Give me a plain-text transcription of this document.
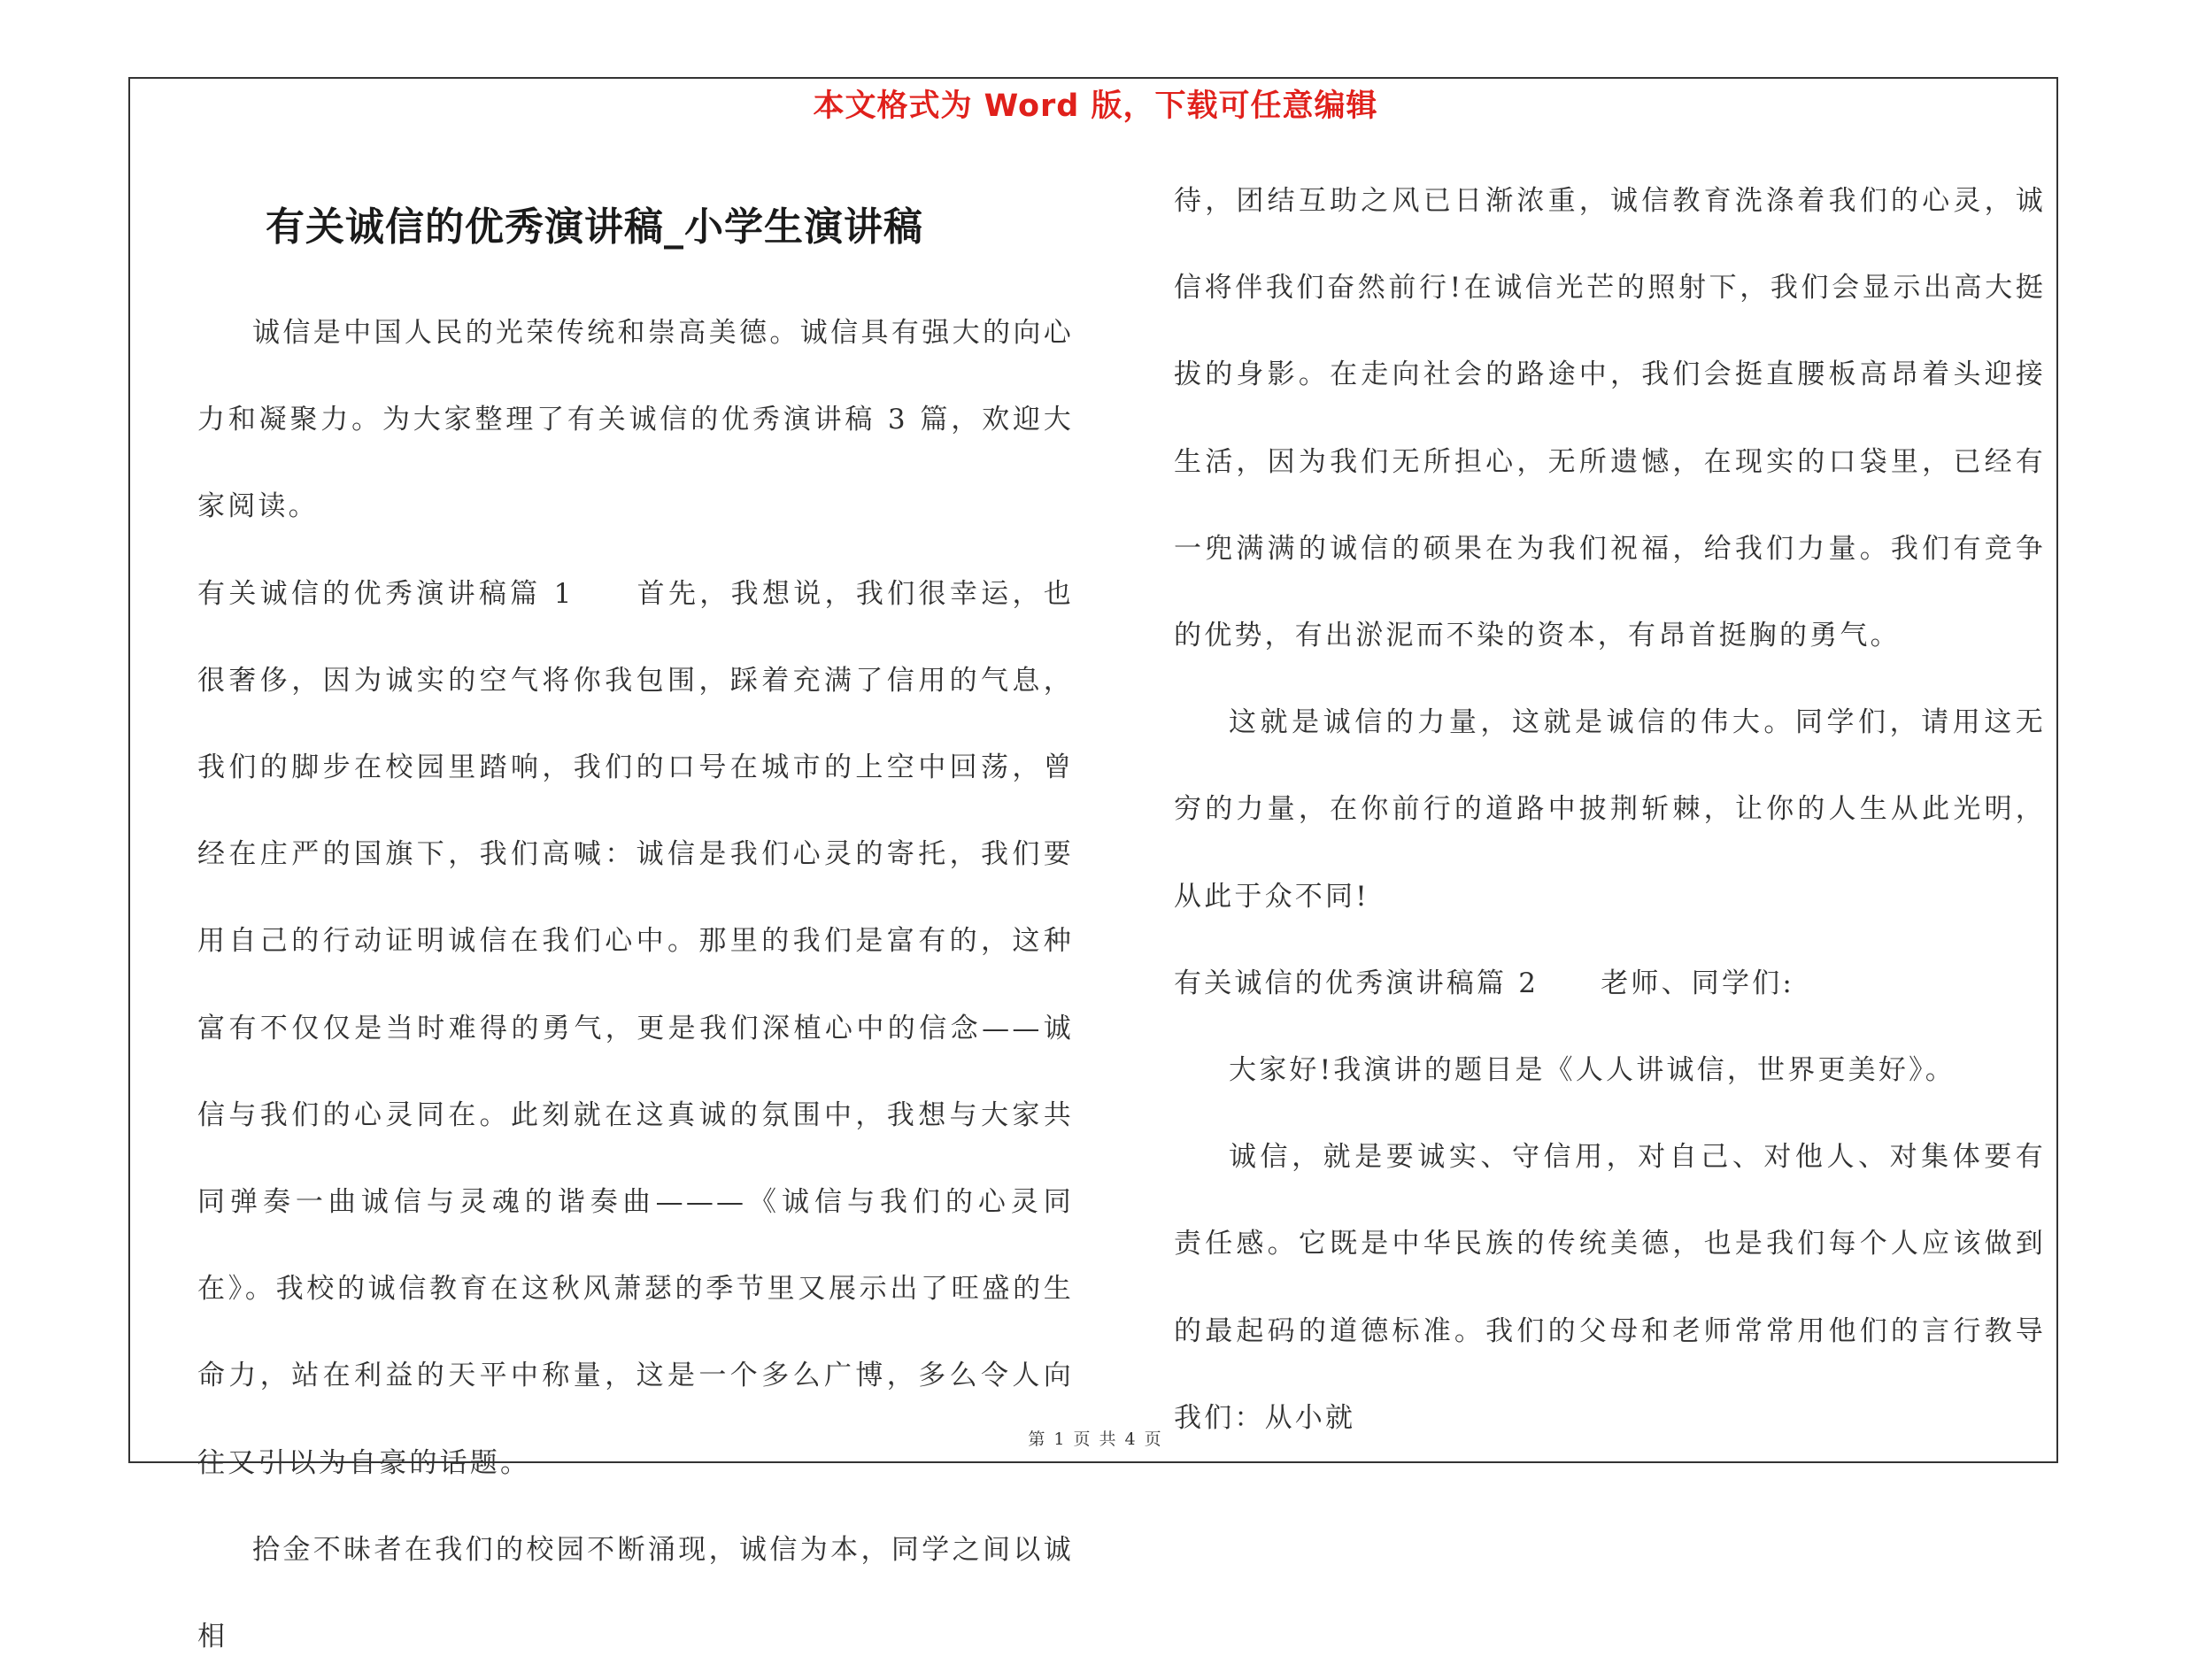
本文格式为 Word 版，下载可任意编辑
有关诚信的优秀演讲稿_小学生演讲稿

诚信是中国人民的光荣传统和崇高美德。诚信具有强大的向心力和凝聚力。为大家整理了有关诚信的优秀演讲稿 3 篇，欢迎大家阅读。

有关诚信的优秀演讲稿篇 1 首先，我想说，我们很幸运，也很奢侈，因为诚实的空气将你我包围，踩着充满了信用的气息，我们的脚步在校园里踏响，我们的口号在城市的上空中回荡，曾经在庄严的国旗下，我们高喊：诚信是我们心灵的寄托，我们要用自己的行动证明诚信在我们心中。那里的我们是富有的，这种富有不仅仅是当时难得的勇气，更是我们深植心中的信念——诚信与我们的心灵同在。此刻就在这真诚的氛围中，我想与大家共同弹奏一曲诚信与灵魂的谐奏曲———《诚信与我们的心灵同在》。我校的诚信教育在这秋风萧瑟的季节里又展示出了旺盛的生命力，站在利益的天平中称量，这是一个多么广博，多么令人向往又引以为自豪的话题。

拾金不昧者在我们的校园不断涌现，诚信为本，同学之间以诚相

待，团结互助之风已日渐浓重，诚信教育洗涤着我们的心灵，诚信将伴我们奋然前行!在诚信光芒的照射下，我们会显示出高大挺拔的身影。在走向社会的路途中，我们会挺直腰板高昂着头迎接生活，因为我们无所担心，无所遗憾，在现实的口袋里，已经有一兜满满的诚信的硕果在为我们祝福，给我们力量。我们有竞争的优势，有出淤泥而不染的资本，有昂首挺胸的勇气。

这就是诚信的力量，这就是诚信的伟大。同学们，请用这无穷的力量，在你前行的道路中披荆斩棘，让你的人生从此光明，从此于众不同!

有关诚信的优秀演讲稿篇 2 老师、同学们:

大家好!我演讲的题目是《人人讲诚信，世界更美好》。

诚信，就是要诚实、守信用，对自己、对他人、对集体要有责任感。它既是中华民族的传统美德，也是我们每个人应该做到的最起码的道德标准。我们的父母和老师常常用他们的言行教导我们：从小就

第 1 页 共 4 页
